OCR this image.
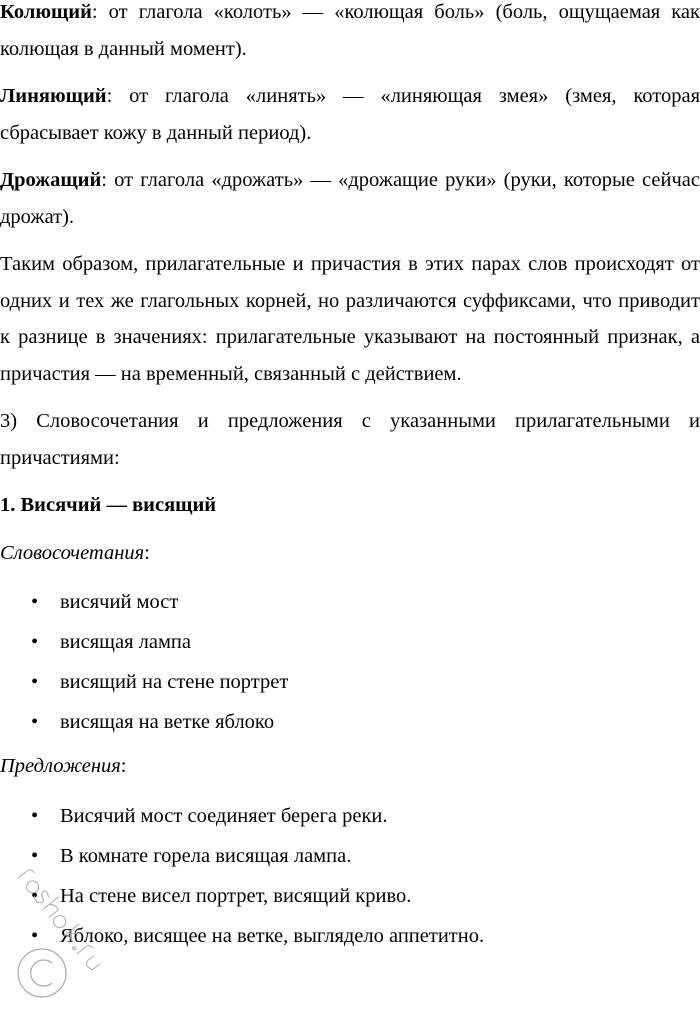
Колющий: от глагола «колоть» — «колющая боль» (боль, ощущаемая как колющая в данный момент).

Линяющий: от глагола «линять» — «линяющая змея» (змея, которая сбрасывает кожу в данный период).

Дрожащий: от глагола «дрожать» — «дрожащие руки» (руки, которые сейчас дрожат).

Таким образом, прилагательные и причастия в этих парах слов происходят от одних и тех же глагольных корней, но различаются суффиксами, что приводит к разнице в значениях: прилагательные указывают на постоянный признак, а причастия — на временный, связанный с действием.

3) Словосочетания и предложения с указанными прилагательными и причастиями:

1. Висячий — висящий

Словосочетания:

• висячий мост
• висящая лампа
• висящий на стене портрет
• висящая на ветке яблоко

Предложения:

• Висячий мост соединяет берега реки.
• В комнате горела висящая лампа.
• На стене висел портрет, висящий криво.
• Яблоко, висящее на ветке, выглядело аппетитно.
